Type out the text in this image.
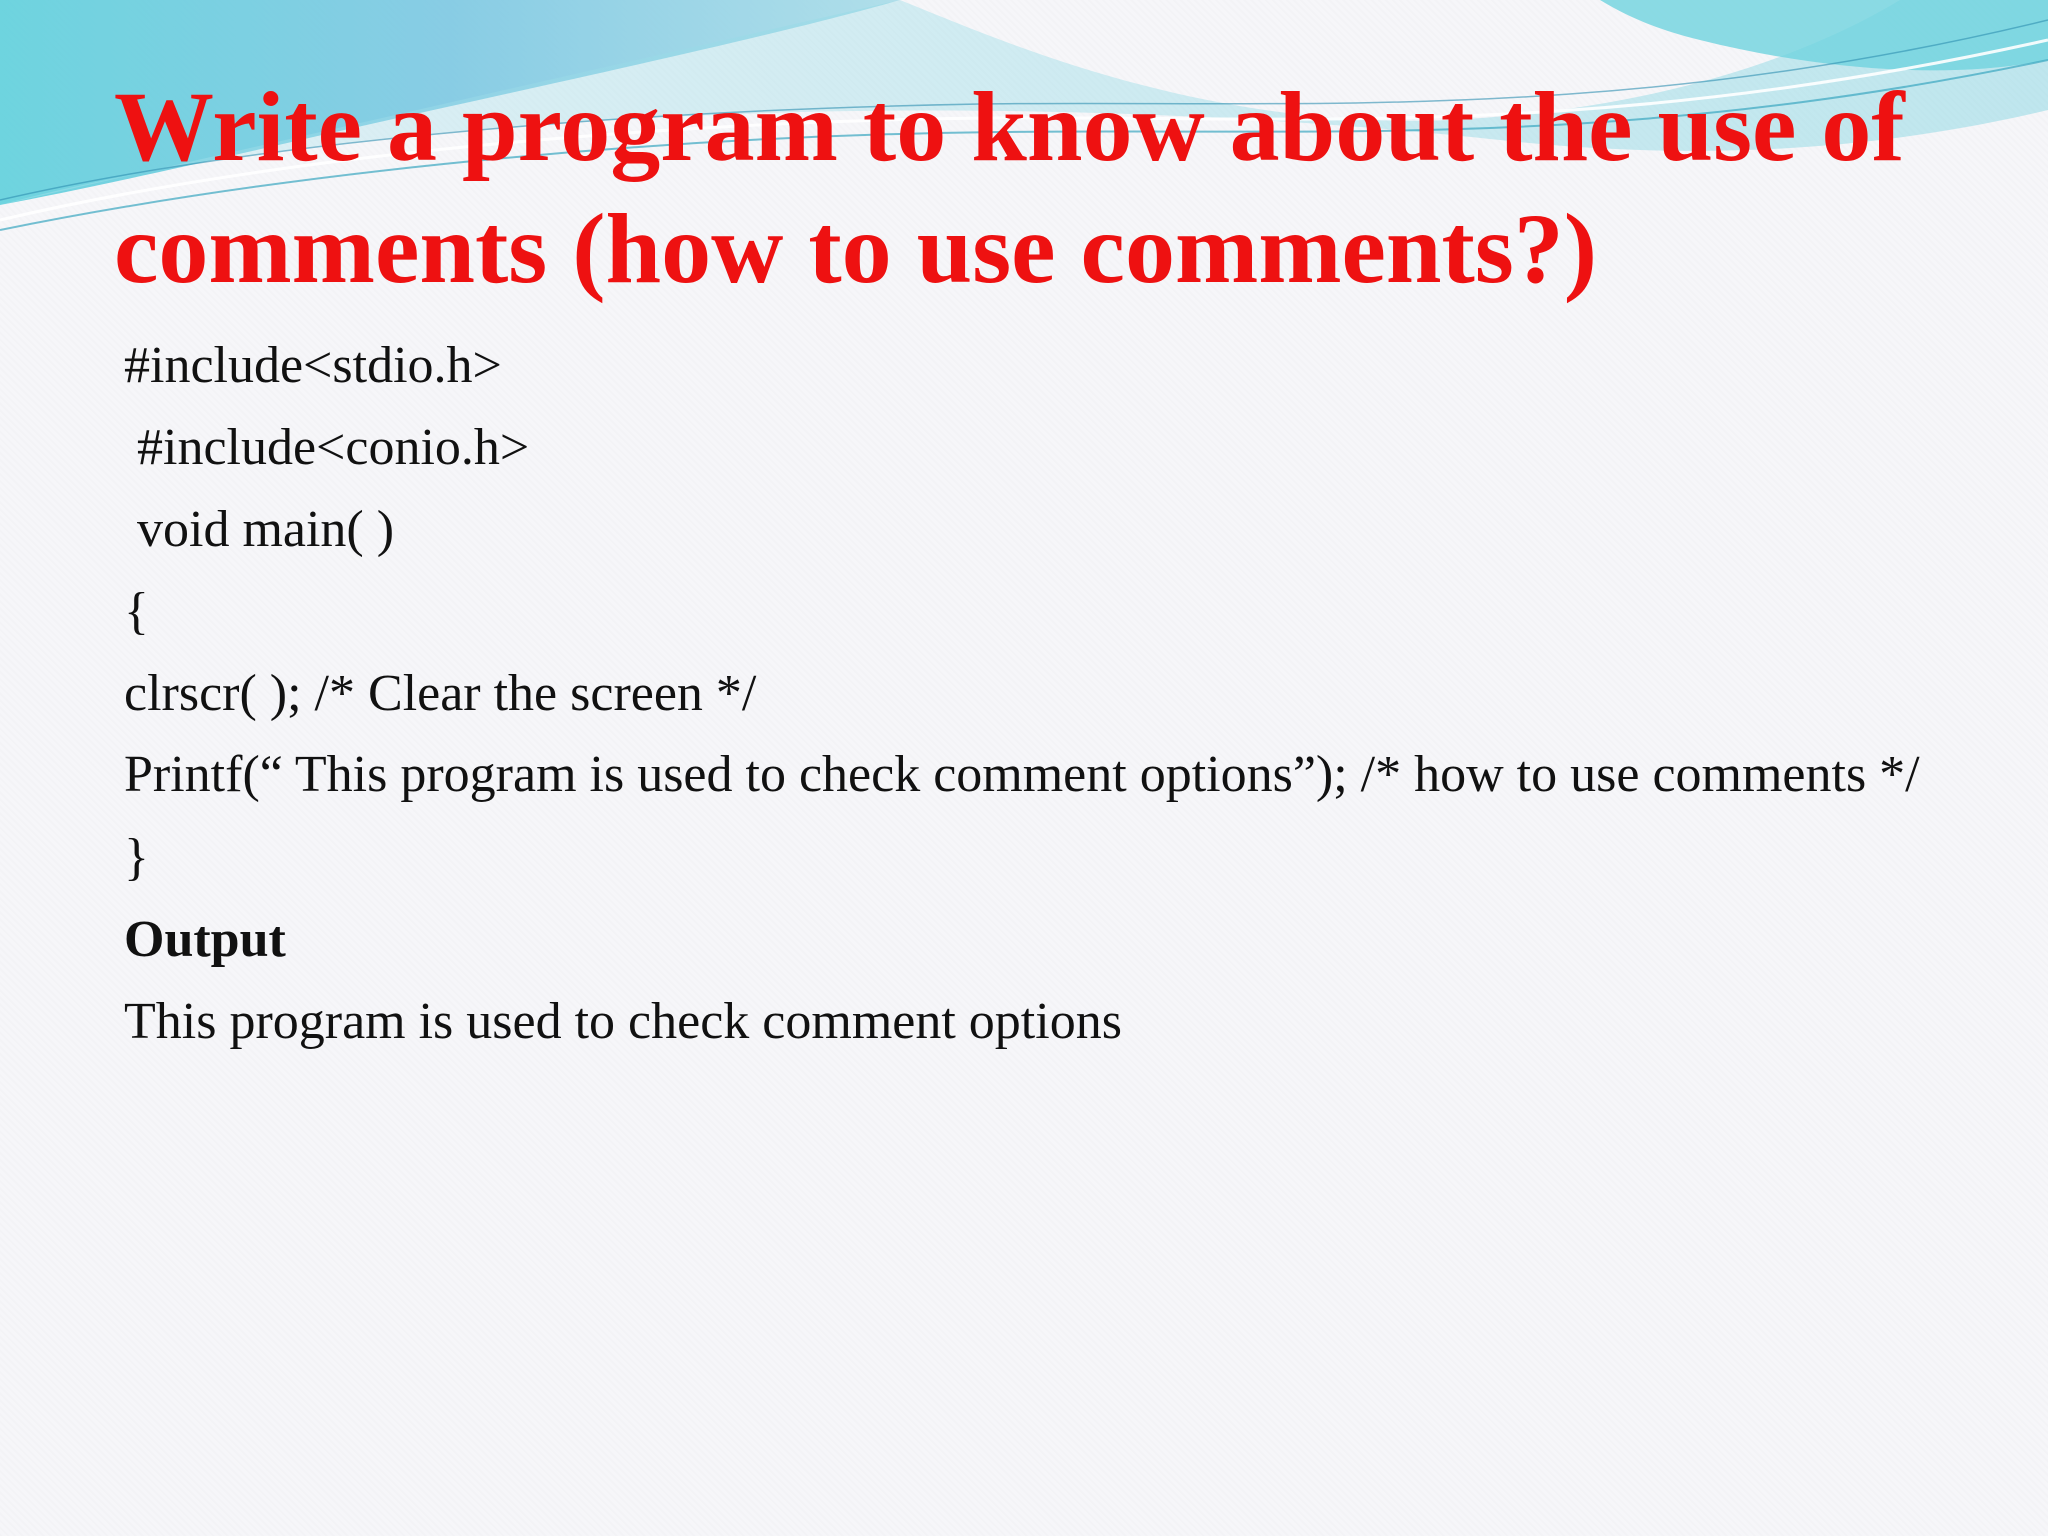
Write a program to know about the use of
comments (how to use comments?)
#include<stdio.h>
#include<conio.h>
void main( )
{
clrscr( ); /* Clear the screen */
Printf(“ This program is used to check comment options”); /* how to use comments */
}
Output
This program is used to check comment options
